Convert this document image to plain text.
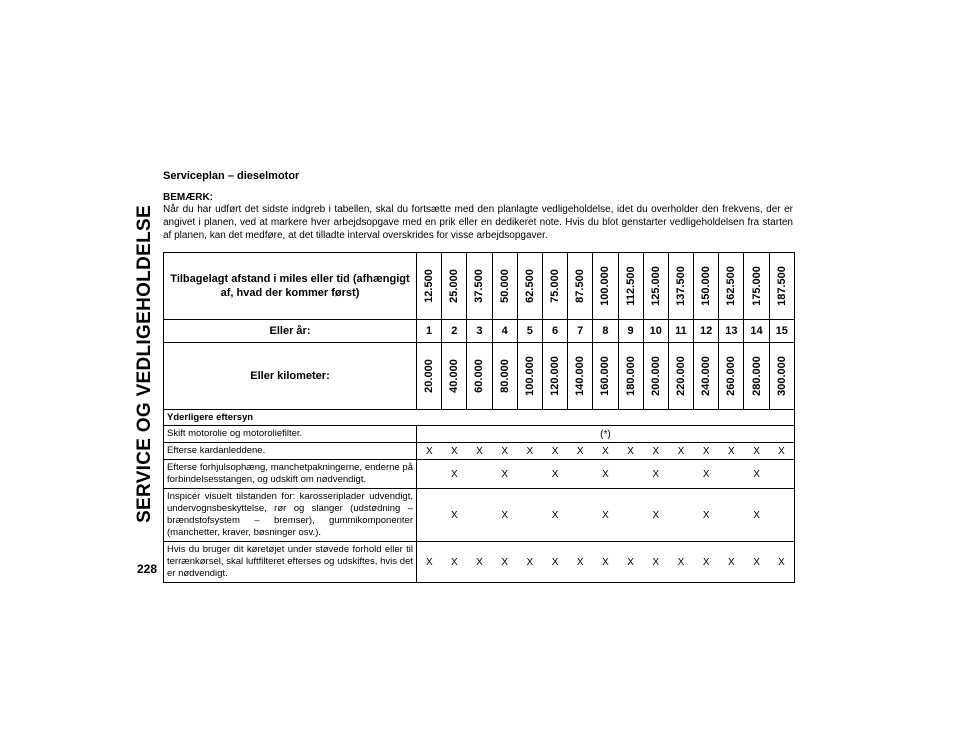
SERVICE OG VEDLIGEHOLDELSE
228

Serviceplan – dieselmotor

BEMÆRK:

Når du har udført det sidste indgreb i tabellen, skal du fortsætte med den planlagte vedligeholdelse, idet du overholder den frekvens, der er angivet i planen, ved at markere hver arbejdsopgave med en prik eller en dedikeret note. Hvis du blot genstarter vedligeholdelsen fra starten af planen, kan det medføre, at det tilladte interval overskrides for visse arbejdsopgaver.

Tilbagelagt afstand i miles eller tid (afhængigt af, hvad der kommer først)	12.500	25.000	37.500	50.000	62.500	75.000	87.500	100.000	112.500	125.000	137.500	150.000	162.500	175.000	187.500

Eller år:	1	2	3	4	5	6	7	8	9	10	11	12	13	14	15
Eller kilometer:	20.000	40.000	60.000	80.000	100.000	120.000	140.000	160.000	180.000	200.000	220.000	240.000	260.000	280.000	300.000

Yderligere eftersyn															
Skift motorolie og motoroliefilter.	(*)														
Efterse kardanleddene.	X	X	X	X	X	X	X	X	X	X	X	X	X	X	X
Efterse forhjulsophæng, manchetpakningerne, enderne på forbindelsesstangen, og udskift om nødvendigt.		X		X		X		X		X		X		X	
Inspicér visuelt tilstanden for: karosseriplader udvendigt, undervognsbeskyttelse, rør og slanger (udstødning – brændstofsystem – bremser), gummikomponenter (manchetter, kraver, bøsninger osv.).		X		X		X		X		X		X		X	
Hvis du bruger dit køretøjet under støvede forhold eller til terrænkørsel, skal luftfilteret efterses og udskiftes, hvis det er nødvendigt.	X	X	X	X	X	X	X	X	X	X	X	X	X	X	X
